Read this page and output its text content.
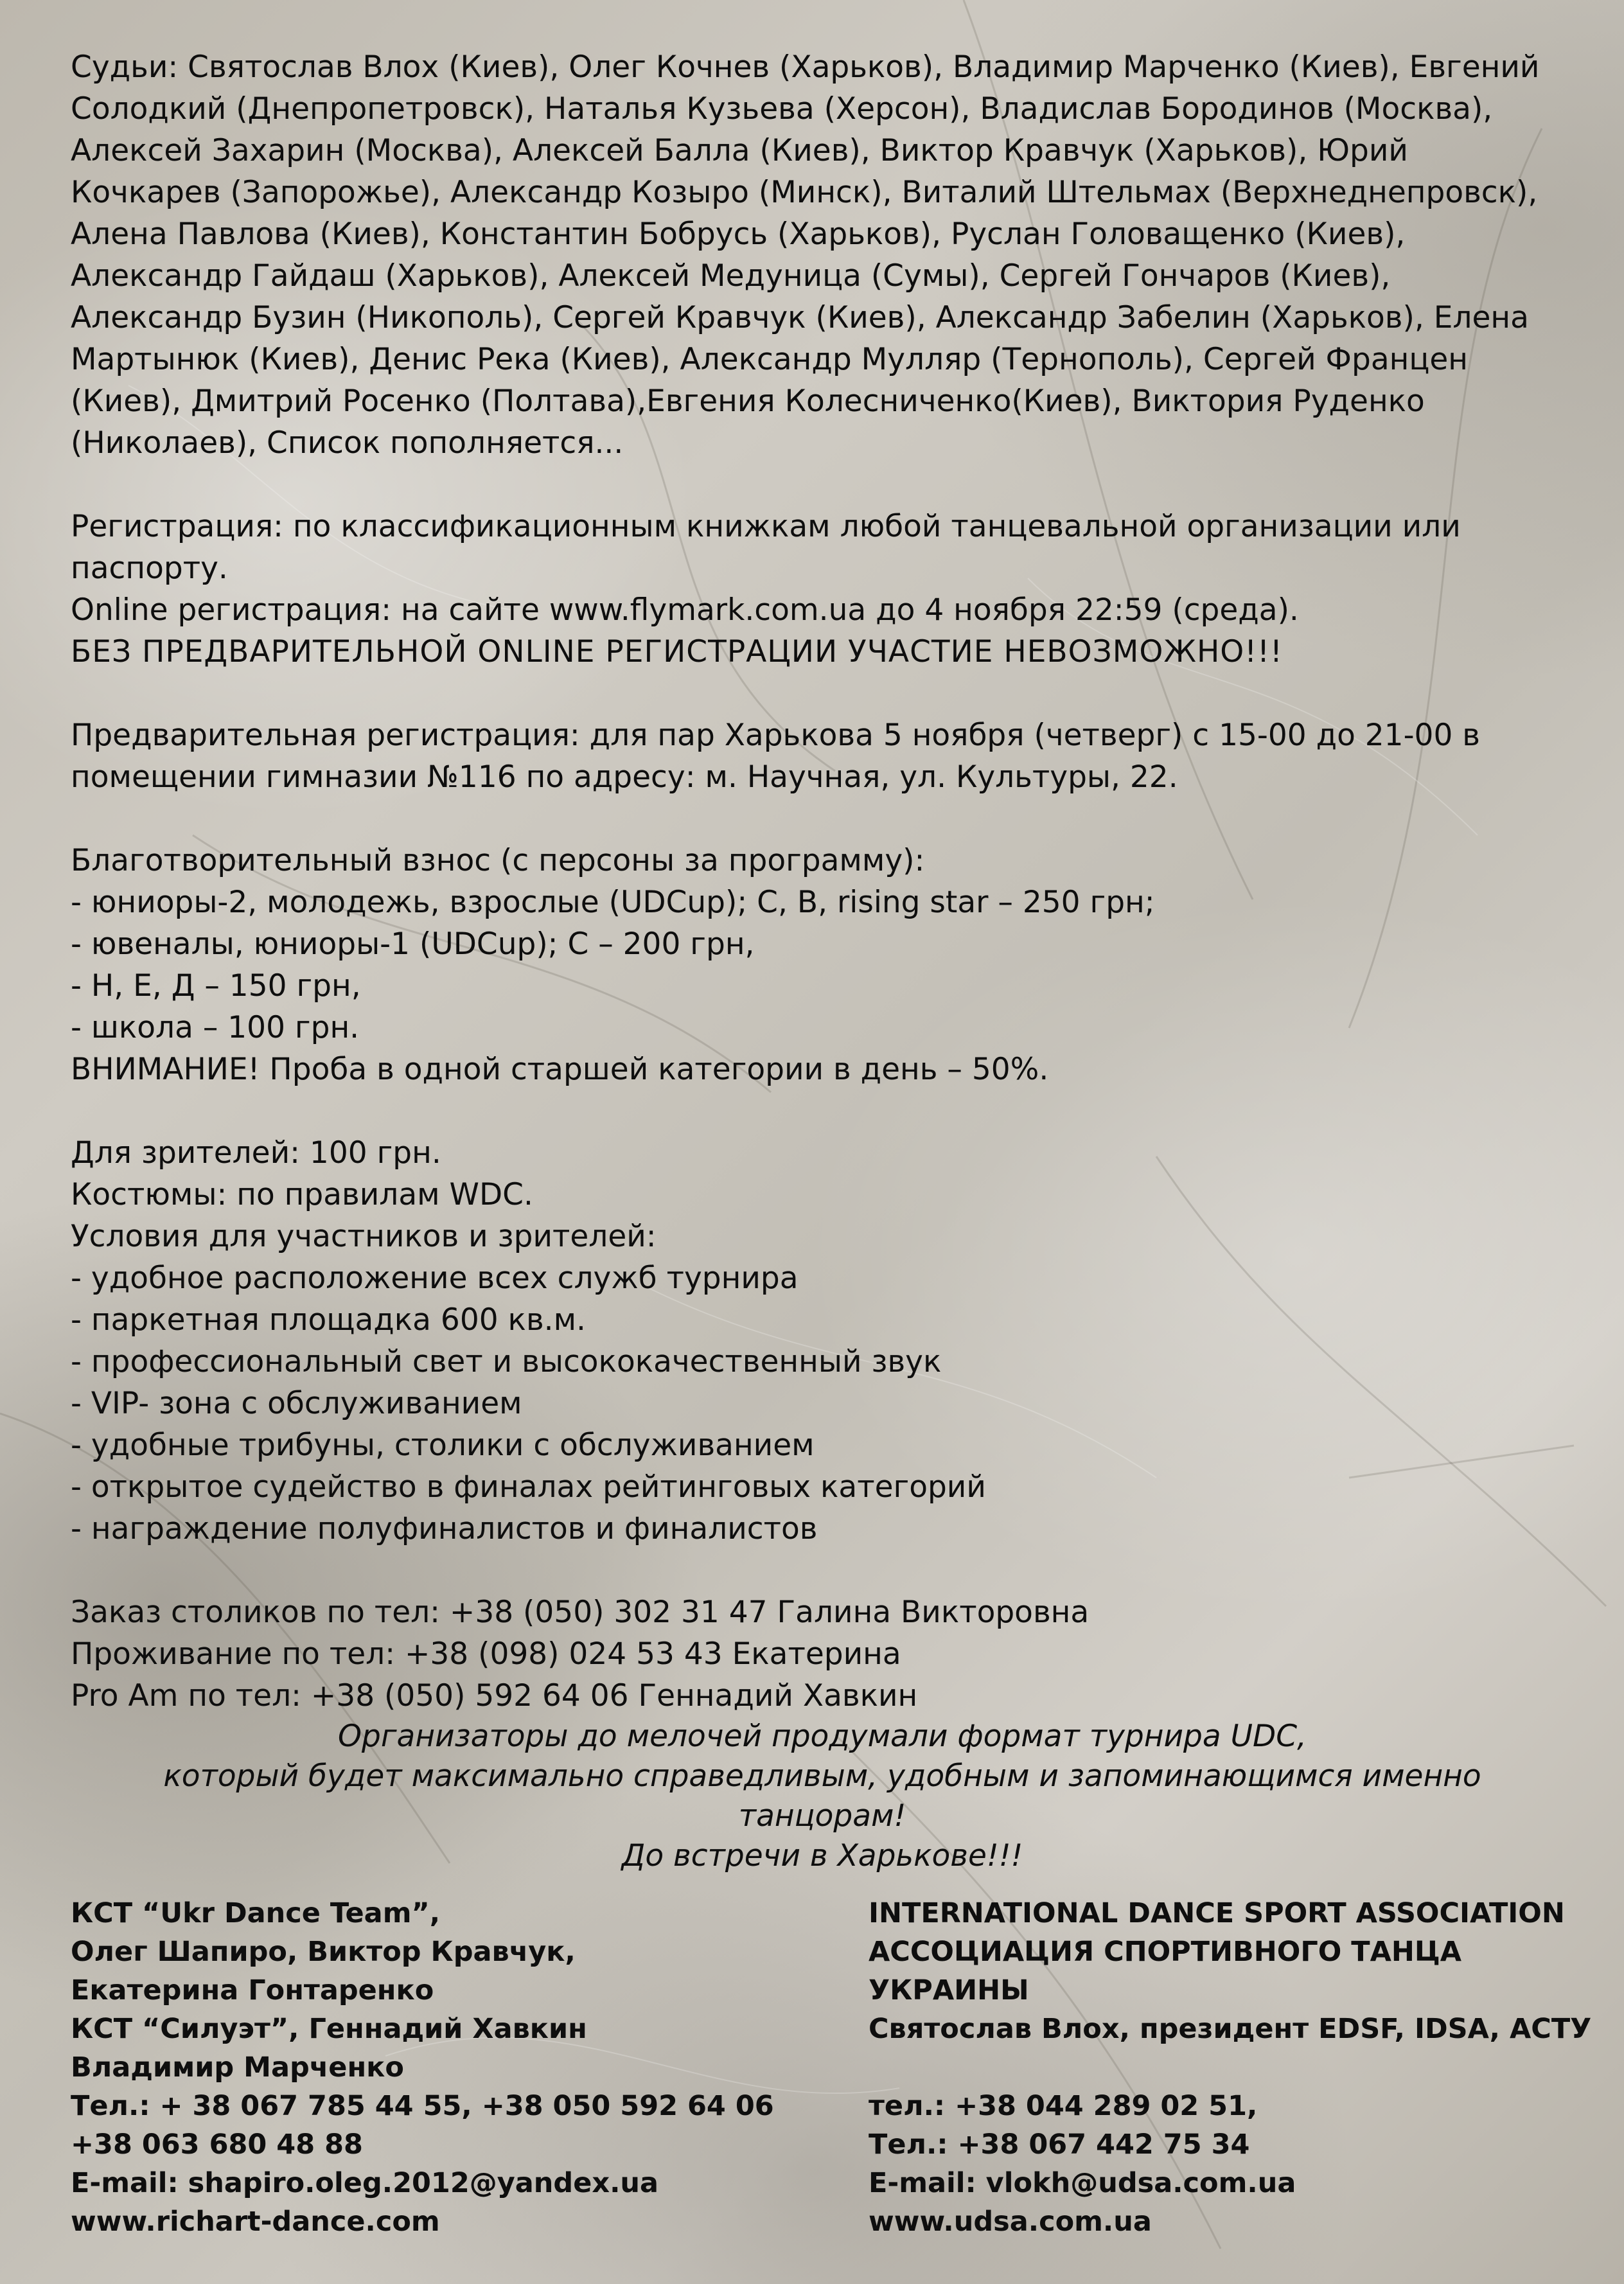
Судьи: Святослав Влох (Киев), Олег Кочнев (Харьков), Владимир Марченко (Киев), Евгений
Солодкий (Днепропетровск), Наталья Кузьева (Херсон), Владислав Бородинов (Москва),
Алексей Захарин (Москва), Алексей Балла (Киев), Виктор Кравчук (Харьков), Юрий
Кочкарев (Запорожье), Александр Козыро (Минск), Виталий Штельмах (Верхнеднепровск),
Алена Павлова (Киев), Константин Бобрусь (Харьков), Руслан Головащенко (Киев),
Александр Гайдаш (Харьков), Алексей Медуница (Сумы), Сергей Гончаров (Киев),
Александр Бузин (Никополь), Сергей Кравчук (Киев), Александр Забелин (Харьков), Елена
Мартынюк (Киев), Денис Река (Киев), Александр Мулляр (Тернополь), Сергей Францен
(Киев), Дмитрий Росенко (Полтава),Евгения Колесниченко(Киев), Виктория Руденко
(Николаев), Список пополняется...
Регистрация: по классификационным книжкам любой танцевальной организации или
паспорту.
Online регистрация: на сайте www.flymark.com.ua до 4 ноября 22:59 (среда).
БЕЗ ПРЕДВАРИТЕЛЬНОЙ ONLINE РЕГИСТРАЦИИ УЧАСТИЕ НЕВОЗМОЖНО!!!
Предварительная регистрация: для пар Харькова 5 ноября (четверг) с 15-00 до 21-00 в
помещении гимназии №116 по адресу: м. Научная, ул. Культуры, 22.
Благотворительный взнос (с персоны за программу):
- юниоры-2, молодежь, взрослые (UDCup); С, В, rising star – 250 грн;
- ювеналы, юниоры-1 (UDCup); С – 200 грн,
- Н, Е, Д – 150 грн,
- школа – 100 грн.
ВНИМАНИЕ! Проба в одной старшей категории в день – 50%.
Для зрителей: 100 грн.
Костюмы: по правилам WDC.
Условия для участников и зрителей:
- удобное расположение всех служб турнира
- паркетная площадка 600 кв.м.
- профессиональный свет и высококачественный звук
- VIP- зона с обслуживанием
- удобные трибуны, столики с обслуживанием
- открытое судейство в финалах рейтинговых категорий
- награждение полуфиналистов и финалистов
Заказ столиков по тел: +38 (050) 302 31 47 Галина Викторовна
Проживание по тел: +38 (098) 024 53 43 Екатерина
Pro Am по тел: +38 (050) 592 64 06 Геннадий Хавкин
Организаторы до мелочей продумали формат турнира UDC,
который будет максимально справедливым, удобным и запоминающимся именно
танцорам!
До встречи в Харькове!!!
КСТ “Ukr Dance Team”,
Олег Шапиро, Виктор Кравчук,
Екатерина Гонтаренко
КСТ “Силуэт”, Геннадий Хавкин
Владимир Марченко
Тел.: + 38 067 785 44 55, +38 050 592 64 06
+38 063 680 48 88
E-mail: shapiro.oleg.2012@yandex.ua
www.richart-dance.com
INTERNATIONAL DANCE SPORT ASSOCIATION
АССОЦИАЦИЯ СПОРТИВНОГО ТАНЦА
УКРАИНЫ
Святослав Влох, президент EDSF, IDSA, АСТУ
тел.: +38 044 289 02 51,
Тел.: +38 067 442 75 34
E-mail: vlokh@udsa.com.ua
www.udsa.com.ua
